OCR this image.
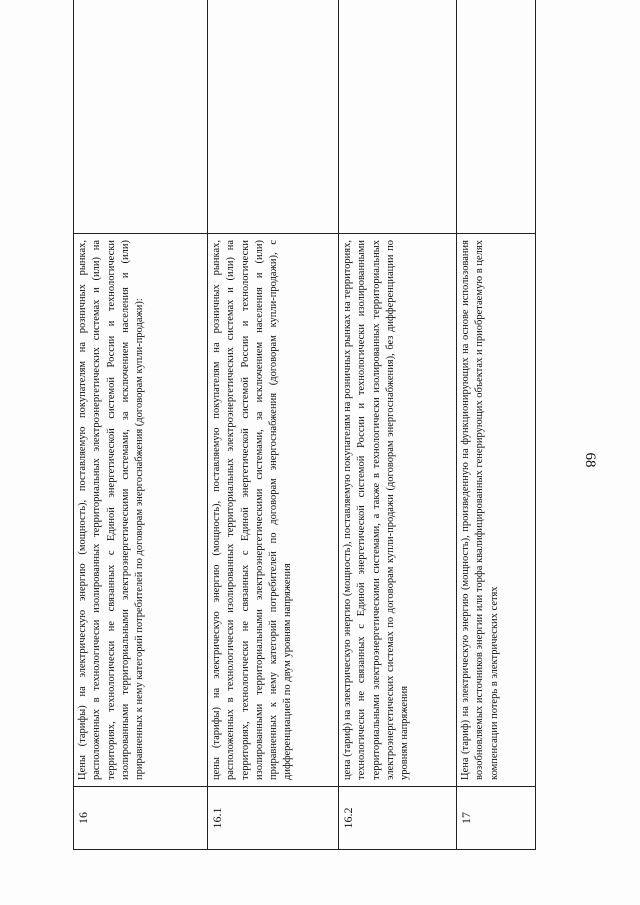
68
16	Цены (тарифы) на электрическую энергию (мощность), поставляемую покупателям на розничных рынках, расположенных в технологически изолированных территориальных электроэнергетических системах и (или) на территориях, технологически не связанных с Единой энергетической системой России и технологически изолированными территориальными электроэнергетическими системами, за исключением населения и (или) приравненных к нему категорий потребителей по договорам энергоснабжения (договорам купли-продажи):	
16.1	цены (тарифы) на электрическую энергию (мощность), поставляемую покупателям на розничных рынках, расположенных в технологически изолированных территориальных электроэнергетических системах и (или) на территориях, технологически не связанных с Единой энергетической системой России и технологически изолированными территориальными электроэнергетическими системами, за исключением населения и (или) приравненных к нему категорий потребителей по договорам энергоснабжения (договорам купли-продажи), с дифференциацией по двум уровням напряжения	
16.2	цена (тариф) на электрическую энергию (мощность), поставляемую покупателям на розничных рынках на территориях, технологически не связанных с Единой энергетической системой России и технологически изолированными территориальными электроэнергетическими системами, а также в технологически изолированных территориальных электроэнергетических системах по договорам купли-продажи (договорам энергоснабжения), без дифференциации по уровням напряжения	
17	Цена (тариф) на электрическую энергию (мощность), произведенную на функционирующих на основе использования возобновляемых источников энергии или торфа квалифицированных генерирующих объектах и приобретаемую в целях компенсации потерь в электрических сетях	
